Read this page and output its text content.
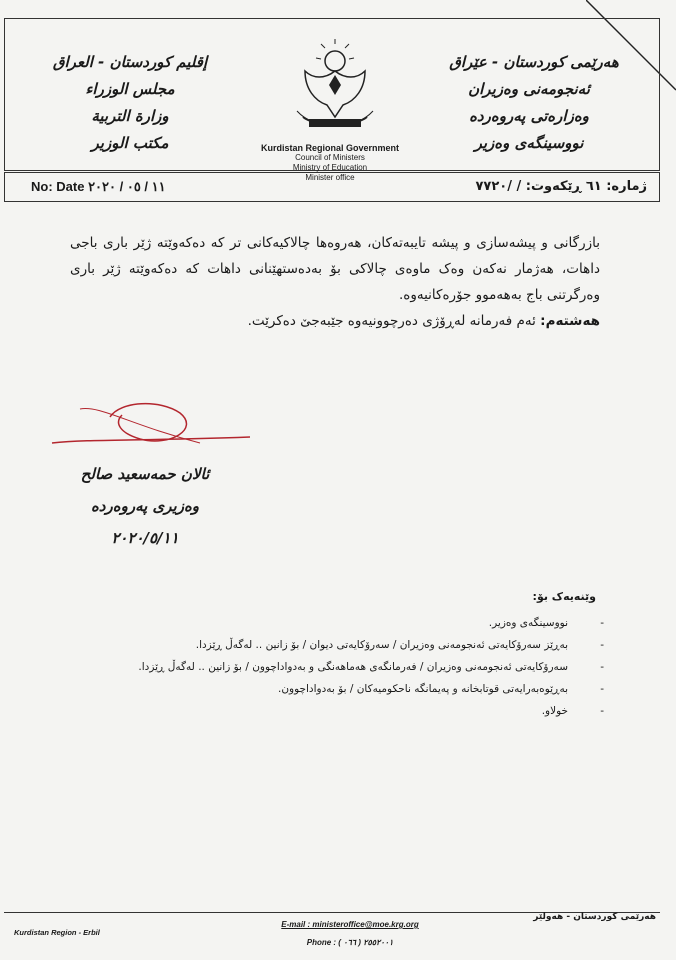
إقليم كوردستان - العراق
مجلس الوزراء
وزارة التربية
مكتب الوزير	Kurdistan Regional Government
Council of Ministers
Ministry of Education
Minister office
هەرێمی کوردستان - عێراق
ئەنجومەنی وەزیران
وەزارەتی پەروەردە
نووسینگەی وەزیر
No: Date ١١ / ٠٥ / ٢٠٢٠	ژمارە: ٦١ ڕێکەوت: / /٧٧٢٠

بازرگانی و پیشەسازی و پیشە تایبەتەکان، هەروەها چالاکیەکانی تر کە دەکەوێتە ژێر باری باجی داهات، هەژمار نەکەن وەک ماوەی چالاکی بۆ بەدەستهێنانی داهات کە دەکەوێتە ژێر باری وەرگرتنی باج بەهەموو جۆرەکانیەوە.

هەشتەم: ئەم فەرمانە لەڕۆژی دەرچوونیەوە جێبەجێ دەکرێت.

ئالان حمەسعید صالح
وەزیری پەروەردە
٢٠٢٠/٥/١١
وێنەیەک بۆ:
- نووسینگەی وەزیر.
- بەڕێز سەرۆکایەتی ئەنجومەنی وەزیران / سەرۆکایەتی دیوان / بۆ زانین .. لەگەڵ ڕێزدا.
- سەرۆکایەتی ئەنجومەنی وەزیران / فەرمانگەی هەماهەنگی و بەدواداچوون / بۆ زانین .. لەگەڵ ڕێزدا.
- بەڕێوەبەرایەتی قوتابخانە و پەیمانگە ناحکومیەکان / بۆ بەدواداچوون.
- خولاو.
Kurdistan Region - Erbil
E-mail : ministeroffice@moe.krg.org
Phone : ( ٠٦٦ ) ٢٥٥٢٠٠١
هەرێمی کوردستان - هەولێر
